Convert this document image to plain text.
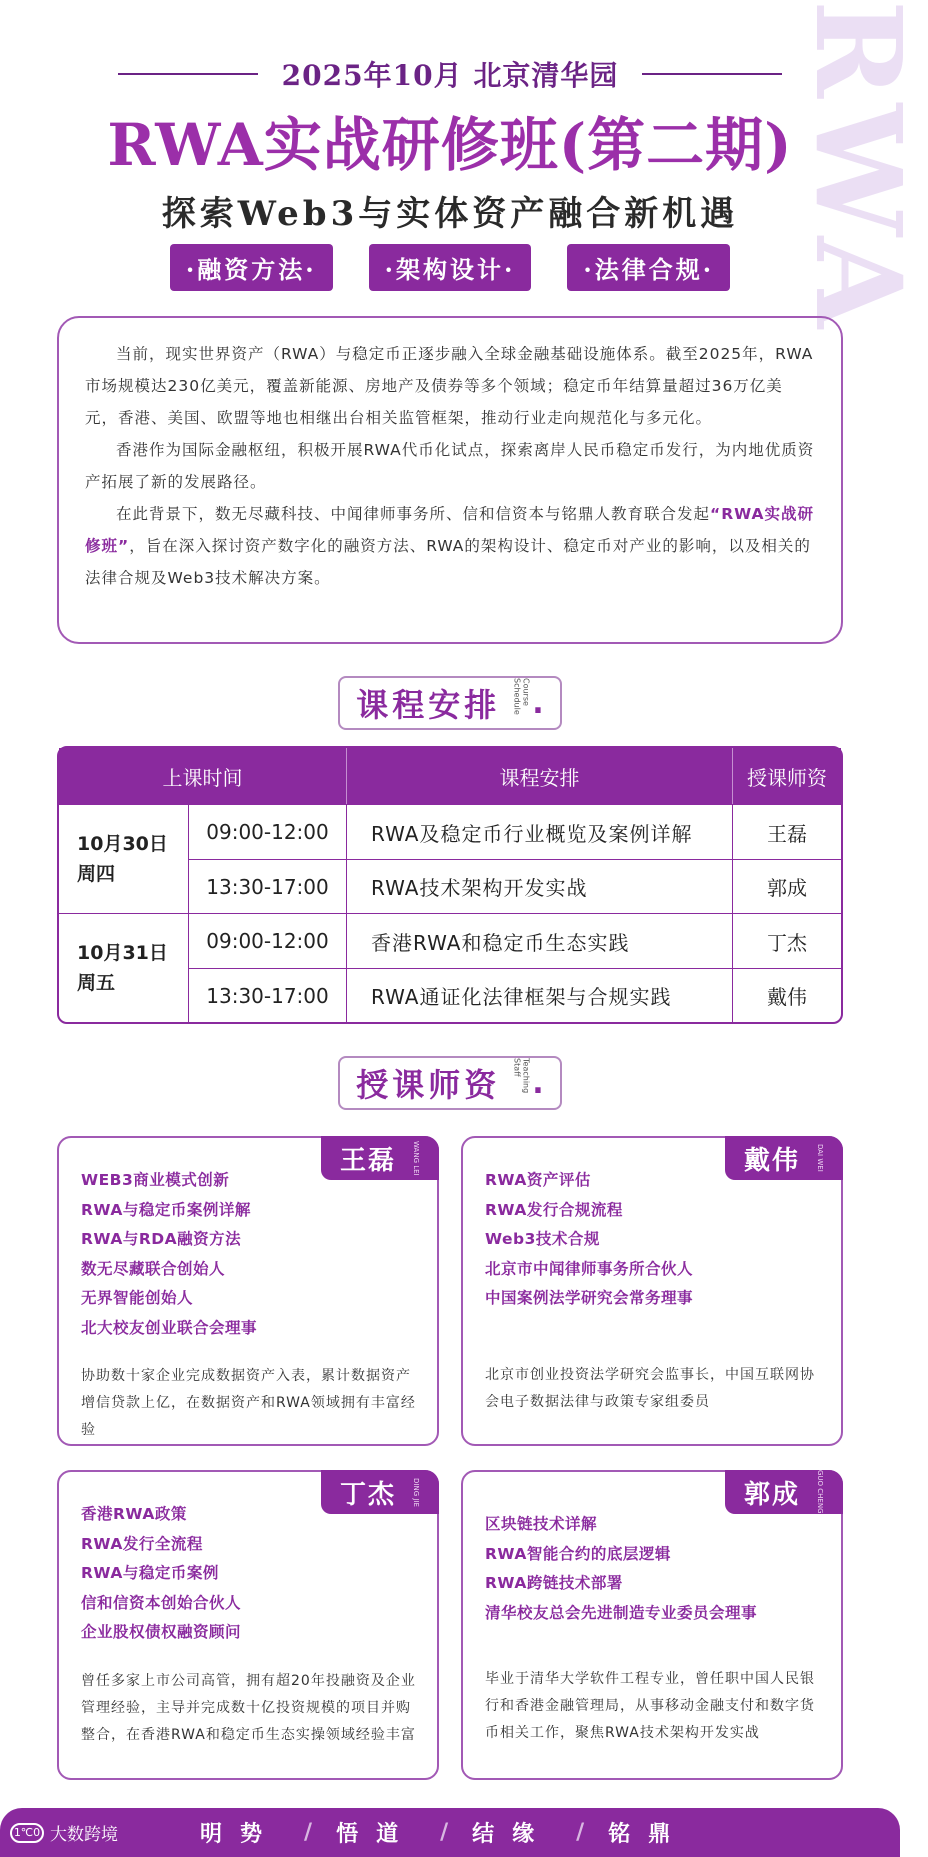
RWA
2025年10月 北京清华园
RWA实战研修班(第二期)
探索Web3与实体资产融合新机遇
·融资方法·	·架构设计·	·法律合规·

当前，现实世界资产（RWA）与稳定币正逐步融入全球金融基础设施体系。截至2025年，RWA市场规模达230亿美元，覆盖新能源、房地产及债券等多个领域；稳定币年结算量超过36万亿美元，香港、美国、欧盟等地也相继出台相关监管框架，推动行业走向规范化与多元化。

香港作为国际金融枢纽，积极开展RWA代币化试点，探索离岸人民币稳定币发行，为内地优质资产拓展了新的发展路径。

在此背景下，数无尽藏科技、中闻律师事务所、信和信资本与铭鼎人教育联合发起“RWA实战研修班”，旨在深入探讨资产数字化的融资方法、RWA的架构设计、稳定币对产业的影响，以及相关的法律合规及Web3技术解决方案。

课程安排	Course Schedule .
上课时间	课程安排	授课师资
10月30日
周四
09:00-12:00	RWA及稳定币行业概览及案例详解	王磊
13:30-17:00	RWA技术架构开发实战	郭成
10月31日
周五
09:00-12:00	香港RWA和稳定币生态实践	丁杰
13:30-17:00	RWA通证化法律框架与合规实践	戴伟
授课师资	Teaching Staff .
王磊	WANG LEI
WEB3商业模式创新
RWA与稳定币案例详解
RWA与RDA融资方法
数无尽藏联合创始人
无界智能创始人
北大校友创业联合会理事
协助数十家企业完成数据资产入表，累计数据资产增信贷款上亿，在数据资产和RWA领域拥有丰富经验
戴伟	DAI WEI
RWA资产评估
RWA发行合规流程
Web3技术合规
北京市中闻律师事务所合伙人
中国案例法学研究会常务理事
北京市创业投资法学研究会监事长，中国互联网协会电子数据法律与政策专家组委员
丁杰	DING JIE
香港RWA政策
RWA发行全流程
RWA与稳定币案例
信和信资本创始合伙人
企业股权债权融资顾问
曾任多家上市公司高管，拥有超20年投融资及企业管理经验，主导并完成数十亿投资规模的项目并购整合，在香港RWA和稳定币生态实操领域经验丰富
郭成	GUO CHENG
区块链技术详解
RWA智能合约的底层逻辑
RWA跨链技术部署
清华校友总会先进制造专业委员会理事
毕业于清华大学软件工程专业，曾任职中国人民银行和香港金融管理局，从事移动金融支付和数字货币相关工作，聚焦RWA技术架构开发实战
1℃0 大数跨境	明势 / 悟道 / 结缘 / 铭鼎
